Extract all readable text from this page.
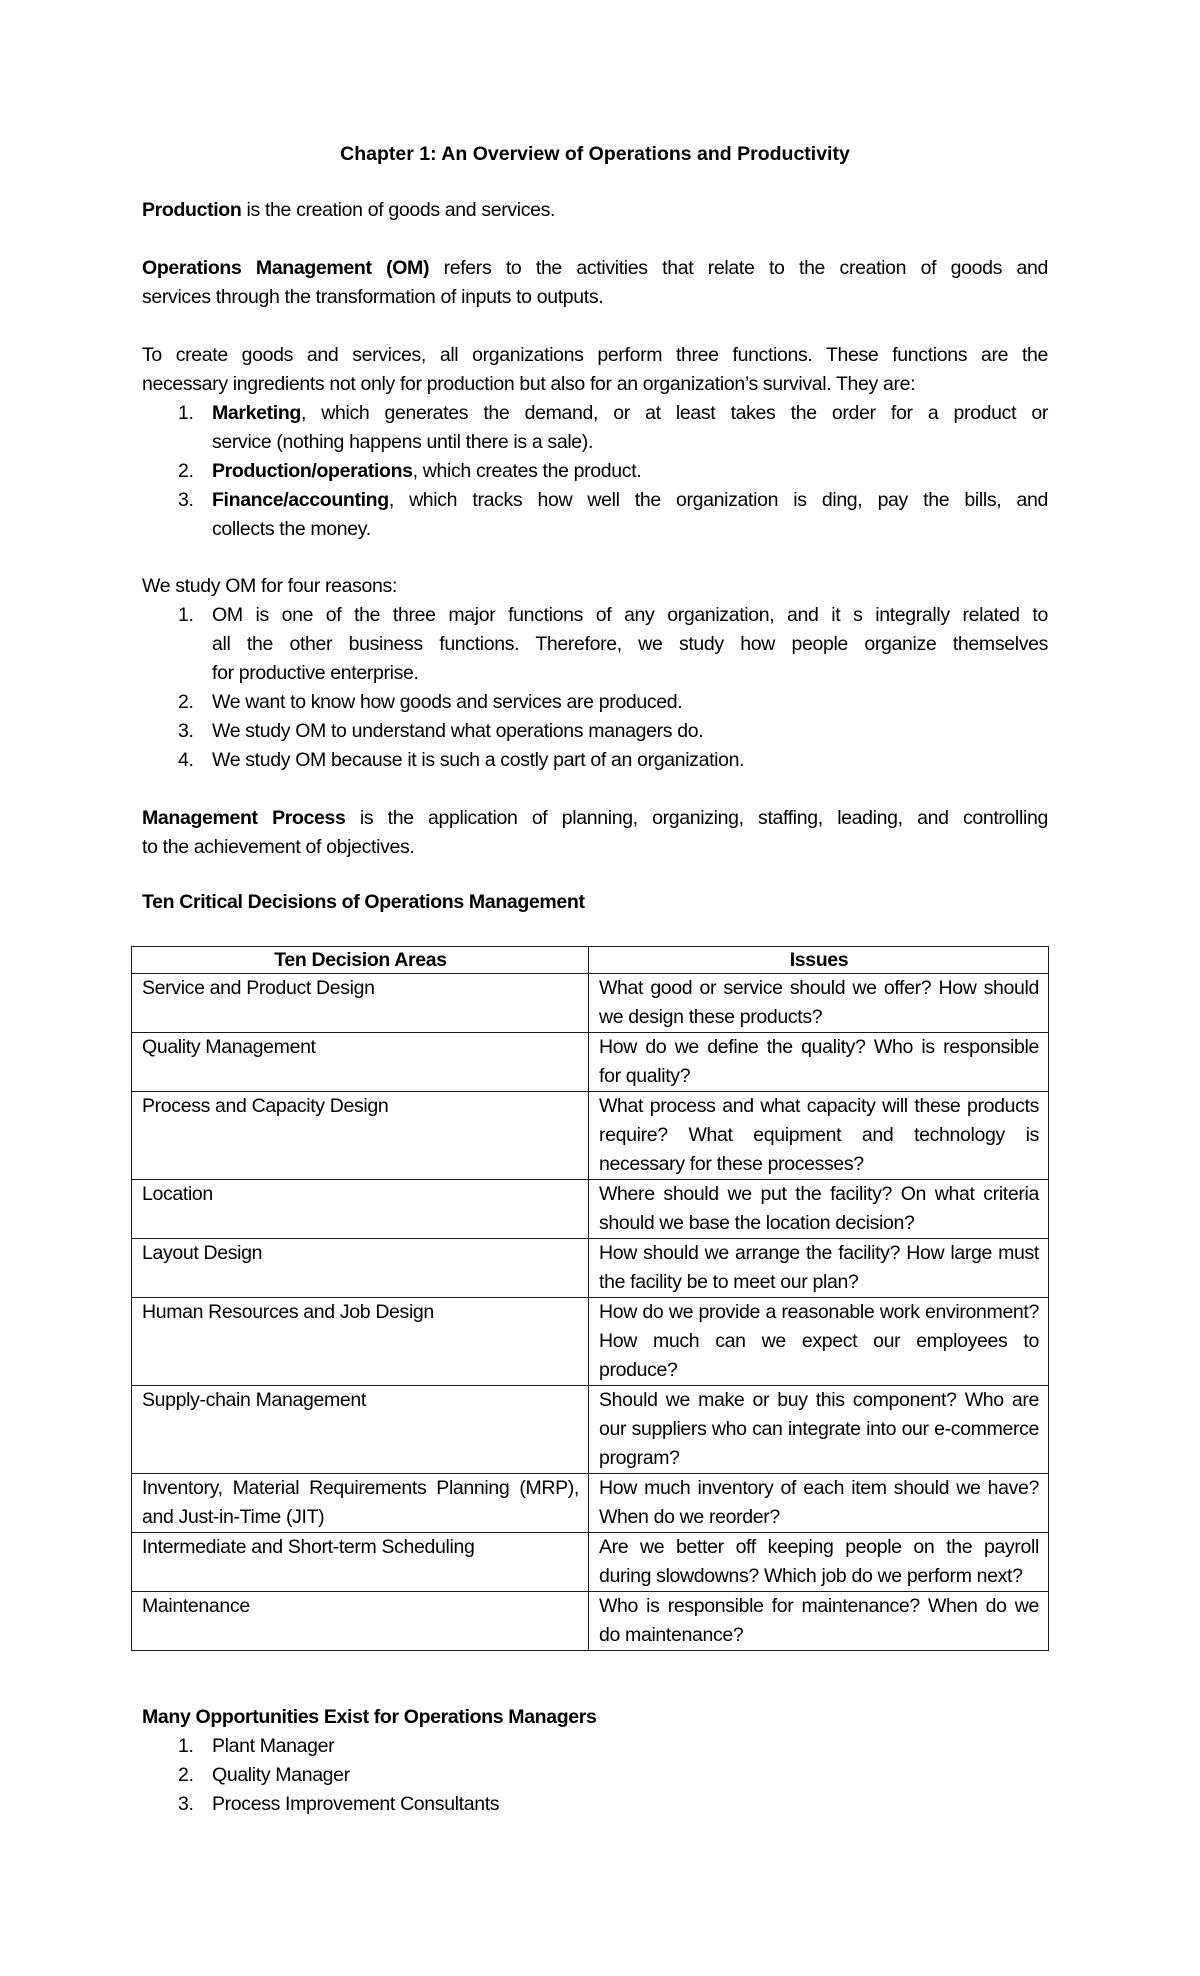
Chapter 1: An Overview of Operations and Productivity
Production is the creation of goods and services.
Operations Management (OM) refers to the activities that relate to the creation of goods and
services through the transformation of inputs to outputs.
To create goods and services, all organizations perform three functions. These functions are the
necessary ingredients not only for production but also for an organization’s survival. They are:
1. Marketing, which generates the demand, or at least takes the order for a product or
service (nothing happens until there is a sale).
2. Production/operations, which creates the product.
3. Finance/accounting, which tracks how well the organization is ding, pay the bills, and
collects the money.
We study OM for four reasons:
1. OM is one of the three major functions of any organization, and it s integrally related to
all the other business functions. Therefore, we study how people organize themselves
for productive enterprise.
2. We want to know how goods and services are produced.
3. We study OM to understand what operations managers do.
4. We study OM because it is such a costly part of an organization.
Management Process is the application of planning, organizing, staffing, leading, and controlling
to the achievement of objectives.
Ten Critical Decisions of Operations Management
Ten Decision Areas	Issues
Service and Product Design	What good or service should we offer? How should we design these products?
Quality Management	How do we define the quality? Who is responsible for quality?
Process and Capacity Design	What process and what capacity will these products require? What equipment and technology is necessary for these processes?
Location	Where should we put the facility? On what criteria should we base the location decision?
Layout Design	How should we arrange the facility? How large must the facility be to meet our plan?
Human Resources and Job Design	How do we provide a reasonable work environment? How much can we expect our employees to produce?
Supply-chain Management	Should we make or buy this component? Who are our suppliers who can integrate into our e-commerce program?
Inventory, Material Requirements Planning (MRP), and Just-in-Time (JIT)	How much inventory of each item should we have? When do we reorder?
Intermediate and Short-term Scheduling	Are we better off keeping people on the payroll during slowdowns? Which job do we perform next?
Maintenance	Who is responsible for maintenance? When do we do maintenance?
Many Opportunities Exist for Operations Managers
1. Plant Manager
2. Quality Manager
3. Process Improvement Consultants
